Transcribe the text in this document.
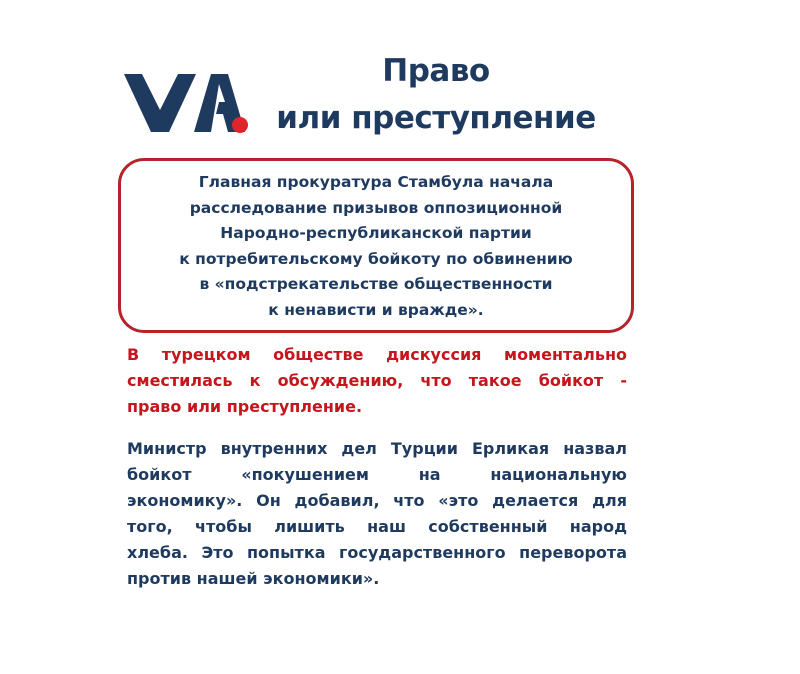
Право
или преступление
Главная прокуратура Стамбула начала
расследование призывов оппозиционной
Народно-республиканской партии
к потребительскому бойкоту по обвинению
в «подстрекательстве общественности
к ненависти и вражде».
В турецком обществе дискуссия моментально
сместилась к обсуждению, что такое бойкот -
право или преступление.
Министр внутренних дел Турции Ерликая назвал
бойкот	«покушением	на	национальную
экономику». Он добавил, что «это делается для
того, чтобы лишить наш собственный народ
хлеба. Это попытка государственного переворота
против нашей экономики».
